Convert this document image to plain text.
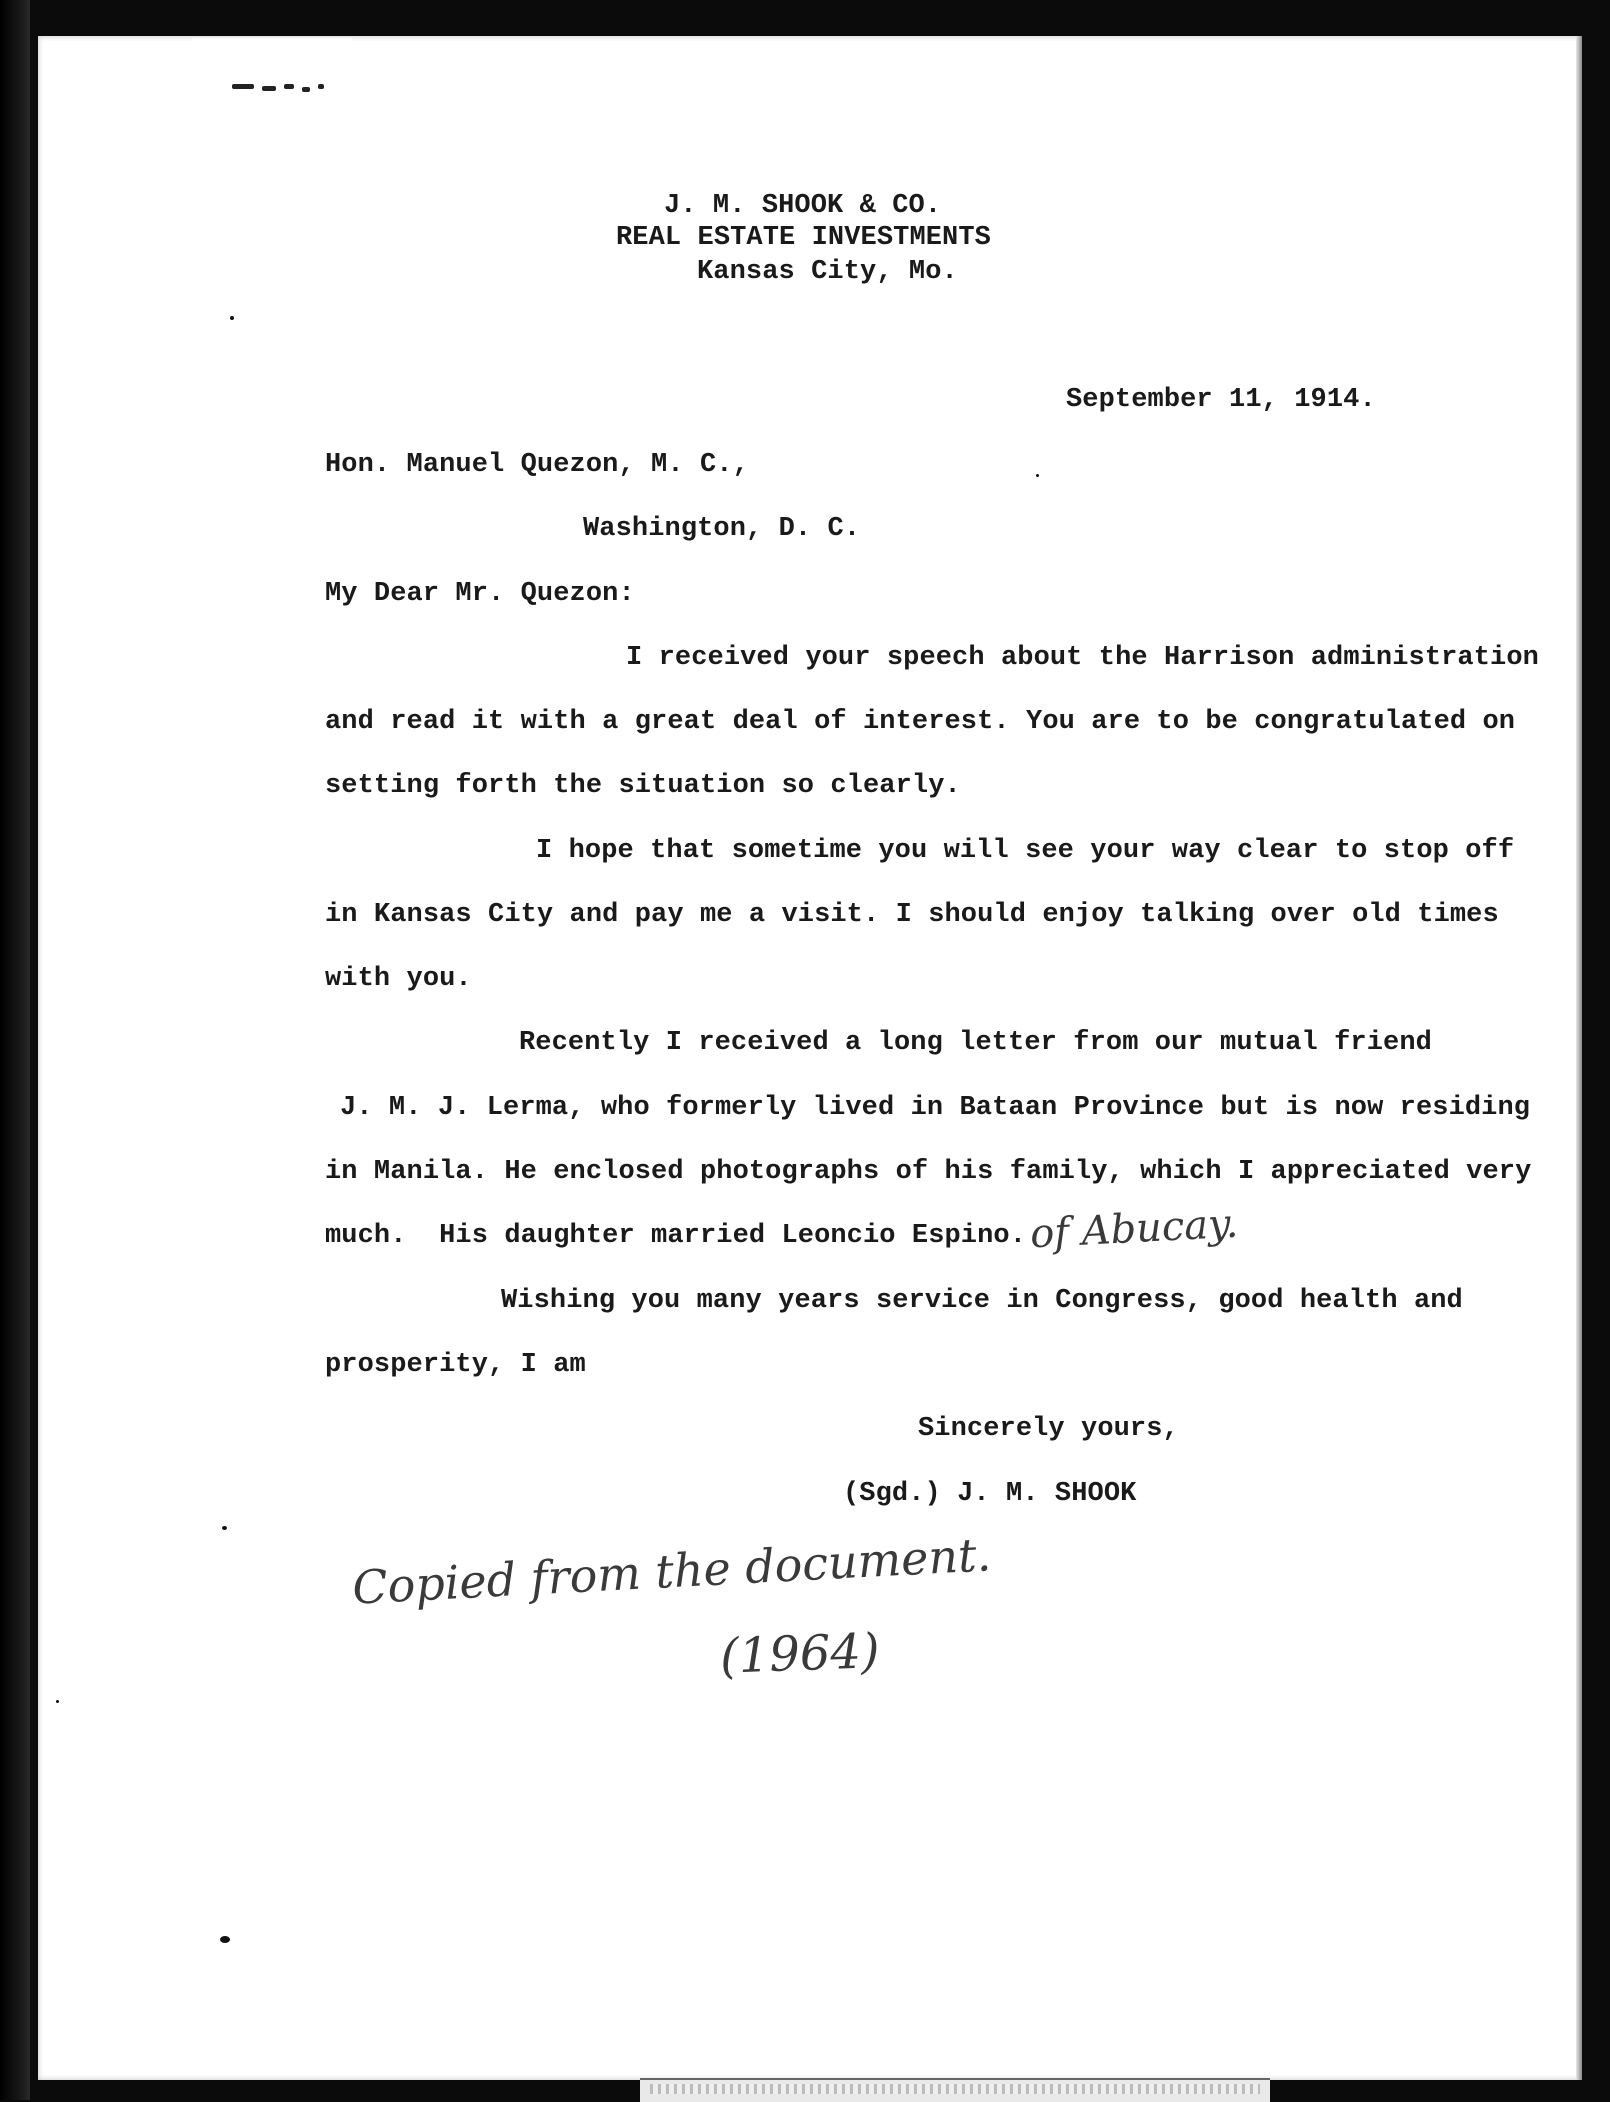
J. M. SHOOK & CO.
REAL ESTATE INVESTMENTS
Kansas City, Mo.
September 11, 1914.
Hon. Manuel Quezon, M. C.,
Washington, D. C.
My Dear Mr. Quezon:
I received your speech about the Harrison administration
and read it with a great deal of interest. You are to be congratulated on
setting forth the situation so clearly.
I hope that sometime you will see your way clear to stop off
in Kansas City and pay me a visit. I should enjoy talking over old times
with you.
Recently I received a long letter from our mutual friend
J. M. J. Lerma, who formerly lived in Bataan Province but is now residing
in Manila. He enclosed photographs of his family, which I appreciated very
much.  His daughter married Leoncio Espino.
Wishing you many years service in Congress, good health and
prosperity, I am
Sincerely yours,
(Sgd.) J. M. SHOOK
of Abucay.
Copied from the document.
(1964)
